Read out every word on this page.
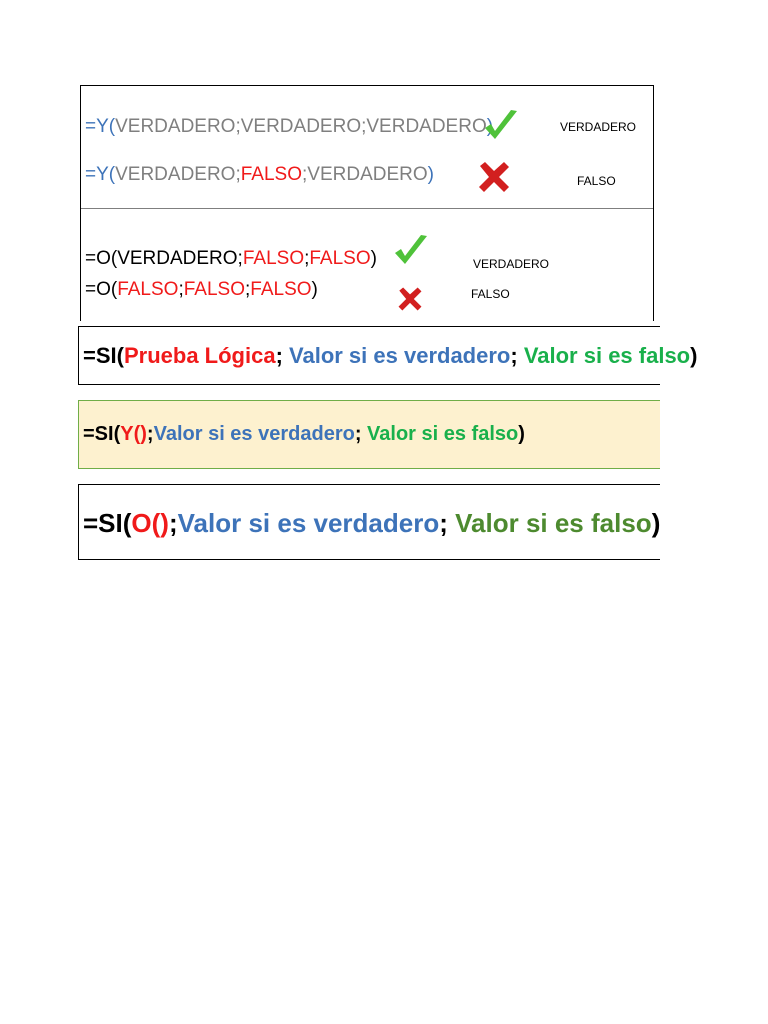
=Y(VERDADERO;VERDADERO;VERDADERO	VERDADERO
=Y(VERDADERO;FALSO;VERDADERO)	FALSO
=O(VERDADERO;FALSO;FALSO)	VERDADERO
=O(FALSO;FALSO;FALSO)	FALSO
=SI(Prueba Lógica; Valor si es verdadero; Valor si es falso)
=SI(Y();Valor si es verdadero; Valor si es falso)
=SI(O();Valor si es verdadero; Valor si es falso)
